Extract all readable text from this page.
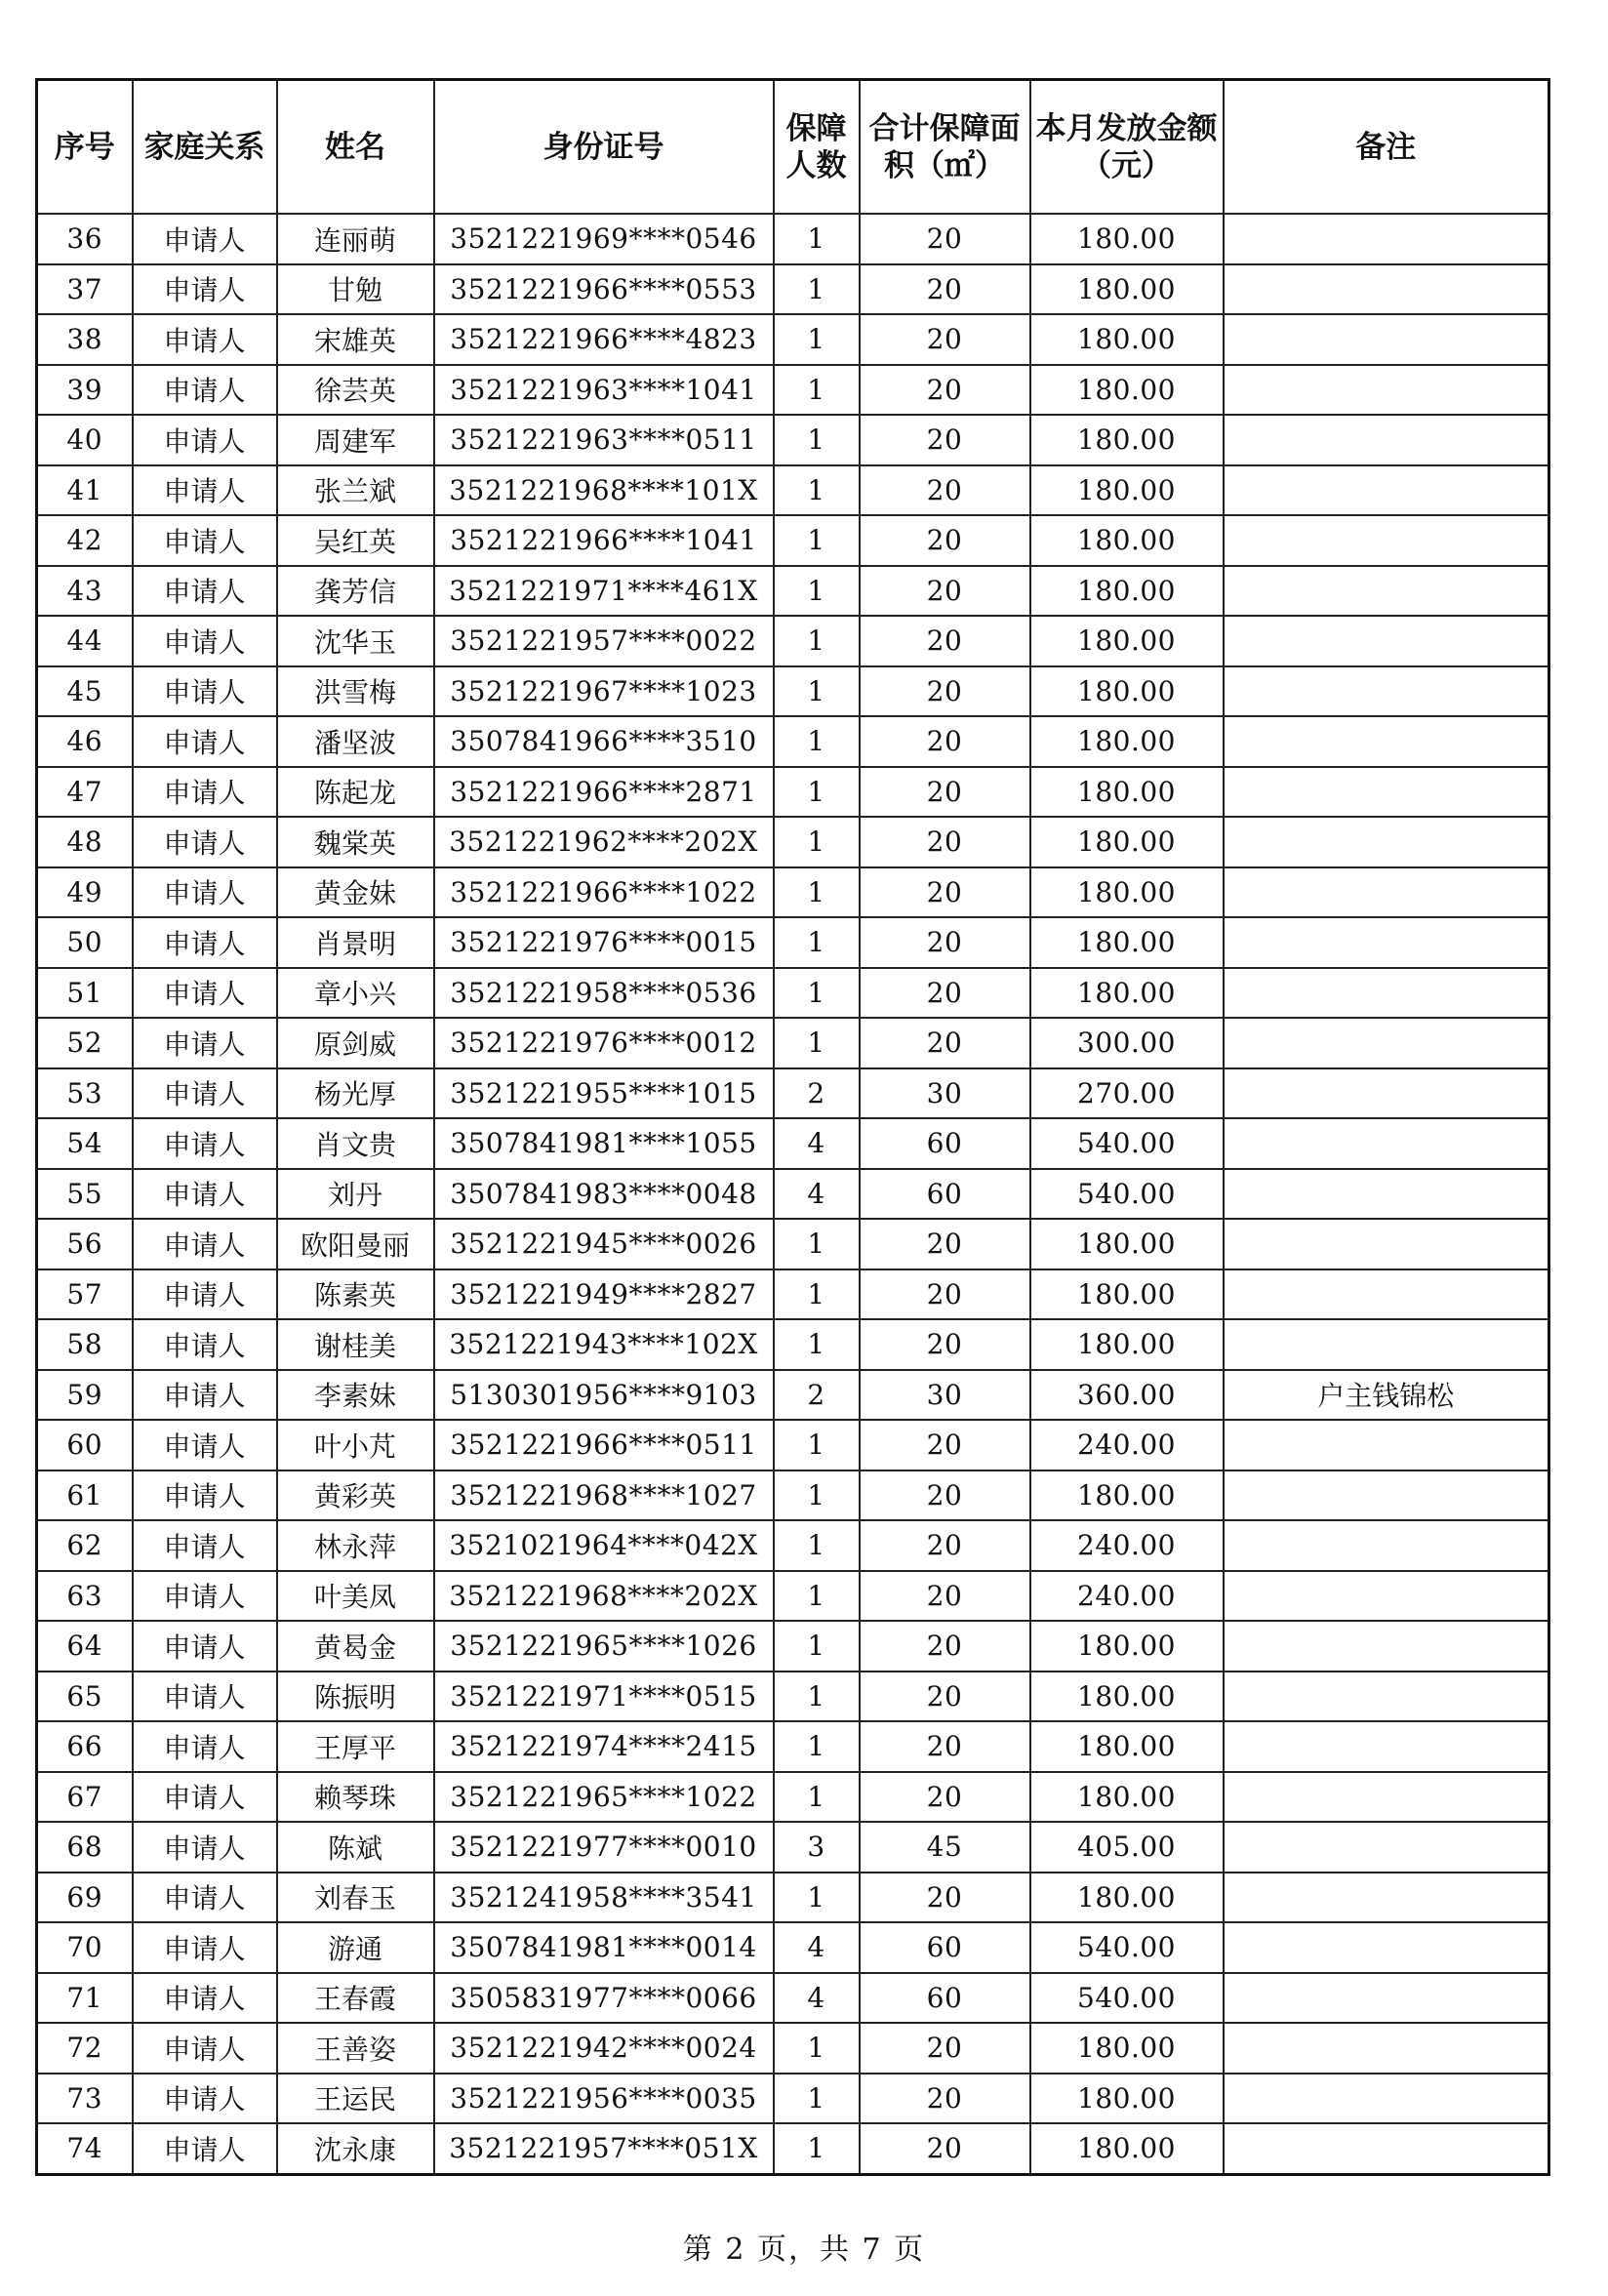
序号	家庭关系	姓名	身份证号	保障人数	合计保障面积（㎡）	本月发放金额（元）	备注
36	申请人	连丽萌	3521221969****0546	1	20	180.00	
37	申请人	甘勉	3521221966****0553	1	20	180.00	
38	申请人	宋雄英	3521221966****4823	1	20	180.00	
39	申请人	徐芸英	3521221963****1041	1	20	180.00	
40	申请人	周建军	3521221963****0511	1	20	180.00	
41	申请人	张兰斌	3521221968****101X	1	20	180.00	
42	申请人	吴红英	3521221966****1041	1	20	180.00	
43	申请人	龚芳信	3521221971****461X	1	20	180.00	
44	申请人	沈华玉	3521221957****0022	1	20	180.00	
45	申请人	洪雪梅	3521221967****1023	1	20	180.00	
46	申请人	潘坚波	3507841966****3510	1	20	180.00	
47	申请人	陈起龙	3521221966****2871	1	20	180.00	
48	申请人	魏棠英	3521221962****202X	1	20	180.00	
49	申请人	黄金妹	3521221966****1022	1	20	180.00	
50	申请人	肖景明	3521221976****0015	1	20	180.00	
51	申请人	章小兴	3521221958****0536	1	20	180.00	
52	申请人	原剑威	3521221976****0012	1	20	300.00	
53	申请人	杨光厚	3521221955****1015	2	30	270.00	
54	申请人	肖文贵	3507841981****1055	4	60	540.00	
55	申请人	刘丹	3507841983****0048	4	60	540.00	
56	申请人	欧阳曼丽	3521221945****0026	1	20	180.00	
57	申请人	陈素英	3521221949****2827	1	20	180.00	
58	申请人	谢桂美	3521221943****102X	1	20	180.00	
59	申请人	李素妹	5130301956****9103	2	30	360.00	户主钱锦松
60	申请人	叶小芃	3521221966****0511	1	20	240.00	
61	申请人	黄彩英	3521221968****1027	1	20	180.00	
62	申请人	林永萍	3521021964****042X	1	20	240.00	
63	申请人	叶美凤	3521221968****202X	1	20	240.00	
64	申请人	黄曷金	3521221965****1026	1	20	180.00	
65	申请人	陈振明	3521221971****0515	1	20	180.00	
66	申请人	王厚平	3521221974****2415	1	20	180.00	
67	申请人	赖琴珠	3521221965****1022	1	20	180.00	
68	申请人	陈斌	3521221977****0010	3	45	405.00	
69	申请人	刘春玉	3521241958****3541	1	20	180.00	
70	申请人	游通	3507841981****0014	4	60	540.00	
71	申请人	王春霞	3505831977****0066	4	60	540.00	
72	申请人	王善姿	3521221942****0024	1	20	180.00	
73	申请人	王运民	3521221956****0035	1	20	180.00	
74	申请人	沈永康	3521221957****051X	1	20	180.00	
第 2 页，共 7 页
